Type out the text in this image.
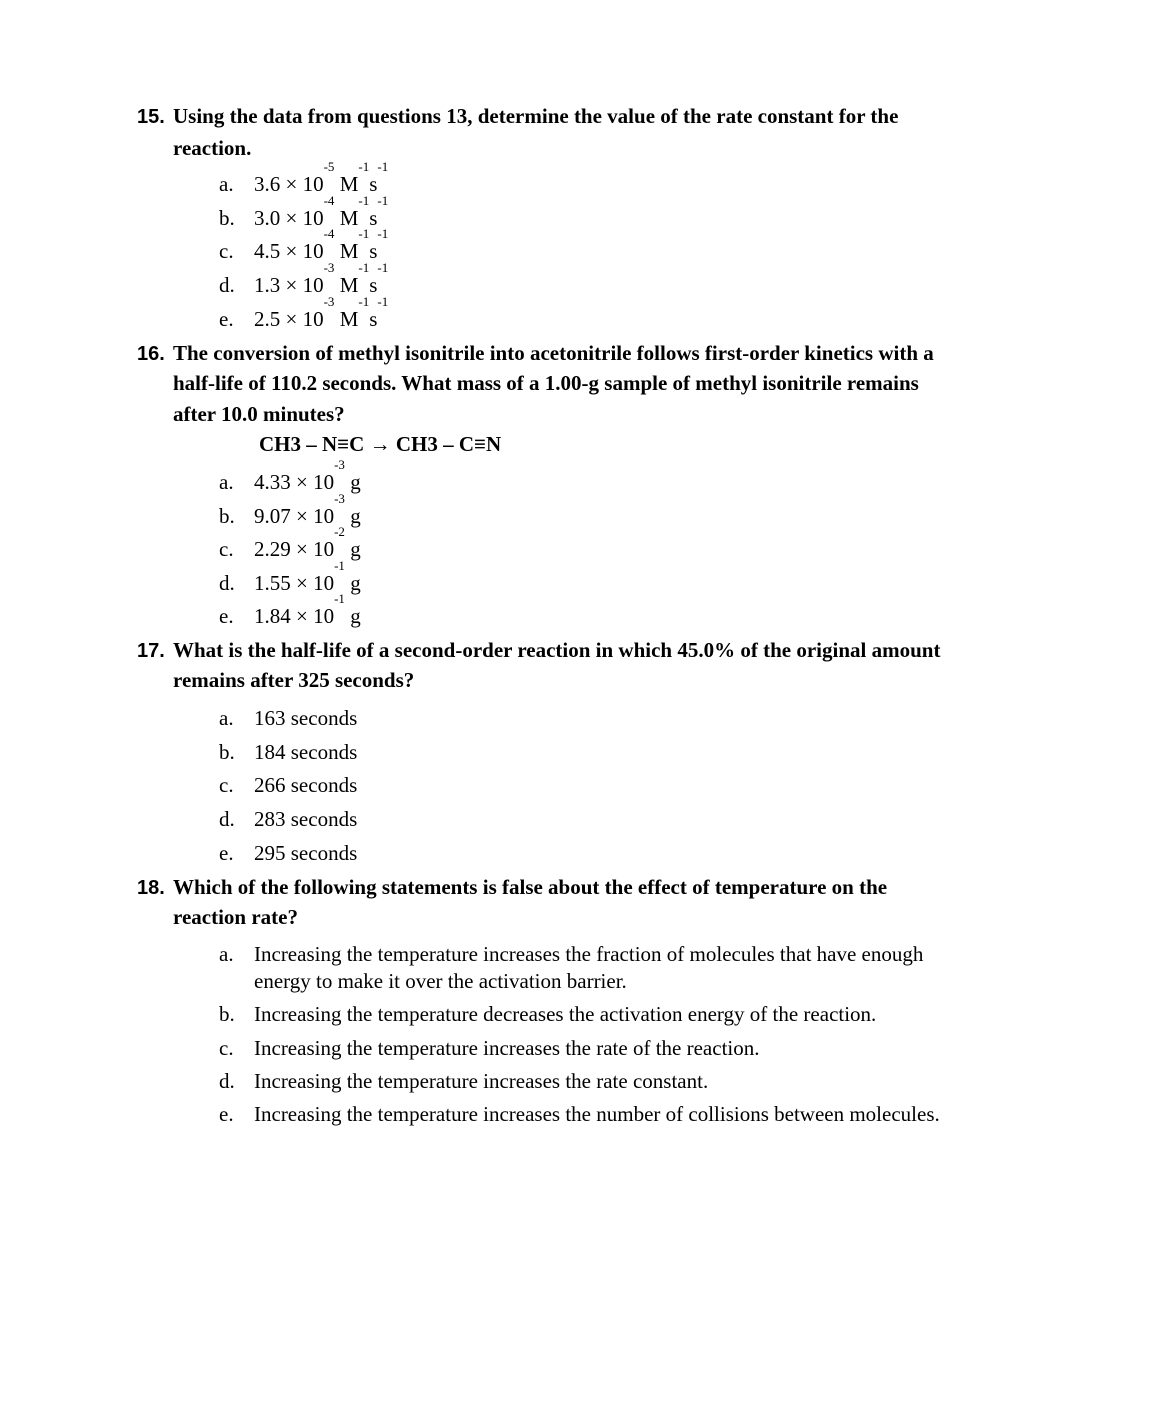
15. Using the data from questions 13, determine the value of the rate constant for the
reaction.
a. $3.6 \times 10^{-5}$ $M^{-1}s^{-1}$
b. $3.0 \times 10^{-4}$ $M^{-1}s^{-1}$
c. $4.5 \times 10^{-4}$ $M^{-1}s^{-1}$
d. $1.3 \times 10^{-3}$ $M^{-1}s^{-1}$
e. $2.5 \times 10^{-3}$ $M^{-1}s^{-1}$
16. The conversion of methyl isonitrile into acetonitrile follows first-order kinetics with a
half-life of 110.2 seconds. What mass of a 1.00-g sample of methyl isonitrile remains
after 10.0 minutes?
CH3 – N≡C → CH3 – C≡N
a. $4.33 \times 10^{-3}$ g
b. $9.07 \times 10^{-3}$ g
c. $2.29 \times 10^{-2}$ g
d. $1.55 \times 10^{-1}$ g
e. $1.84 \times 10^{-1}$ g
17. What is the half-life of a second-order reaction in which 45.0% of the original amount
remains after 325 seconds?
a. 163 seconds
b. 184 seconds
c. 266 seconds
d. 283 seconds
e. 295 seconds
18. Which of the following statements is false about the effect of temperature on the
reaction rate?
a. Increasing the temperature increases the fraction of molecules that have enough
energy to make it over the activation barrier.
b. Increasing the temperature decreases the activation energy of the reaction.
c. Increasing the temperature increases the rate of the reaction.
d. Increasing the temperature increases the rate constant.
e. Increasing the temperature increases the number of collisions between molecules.
